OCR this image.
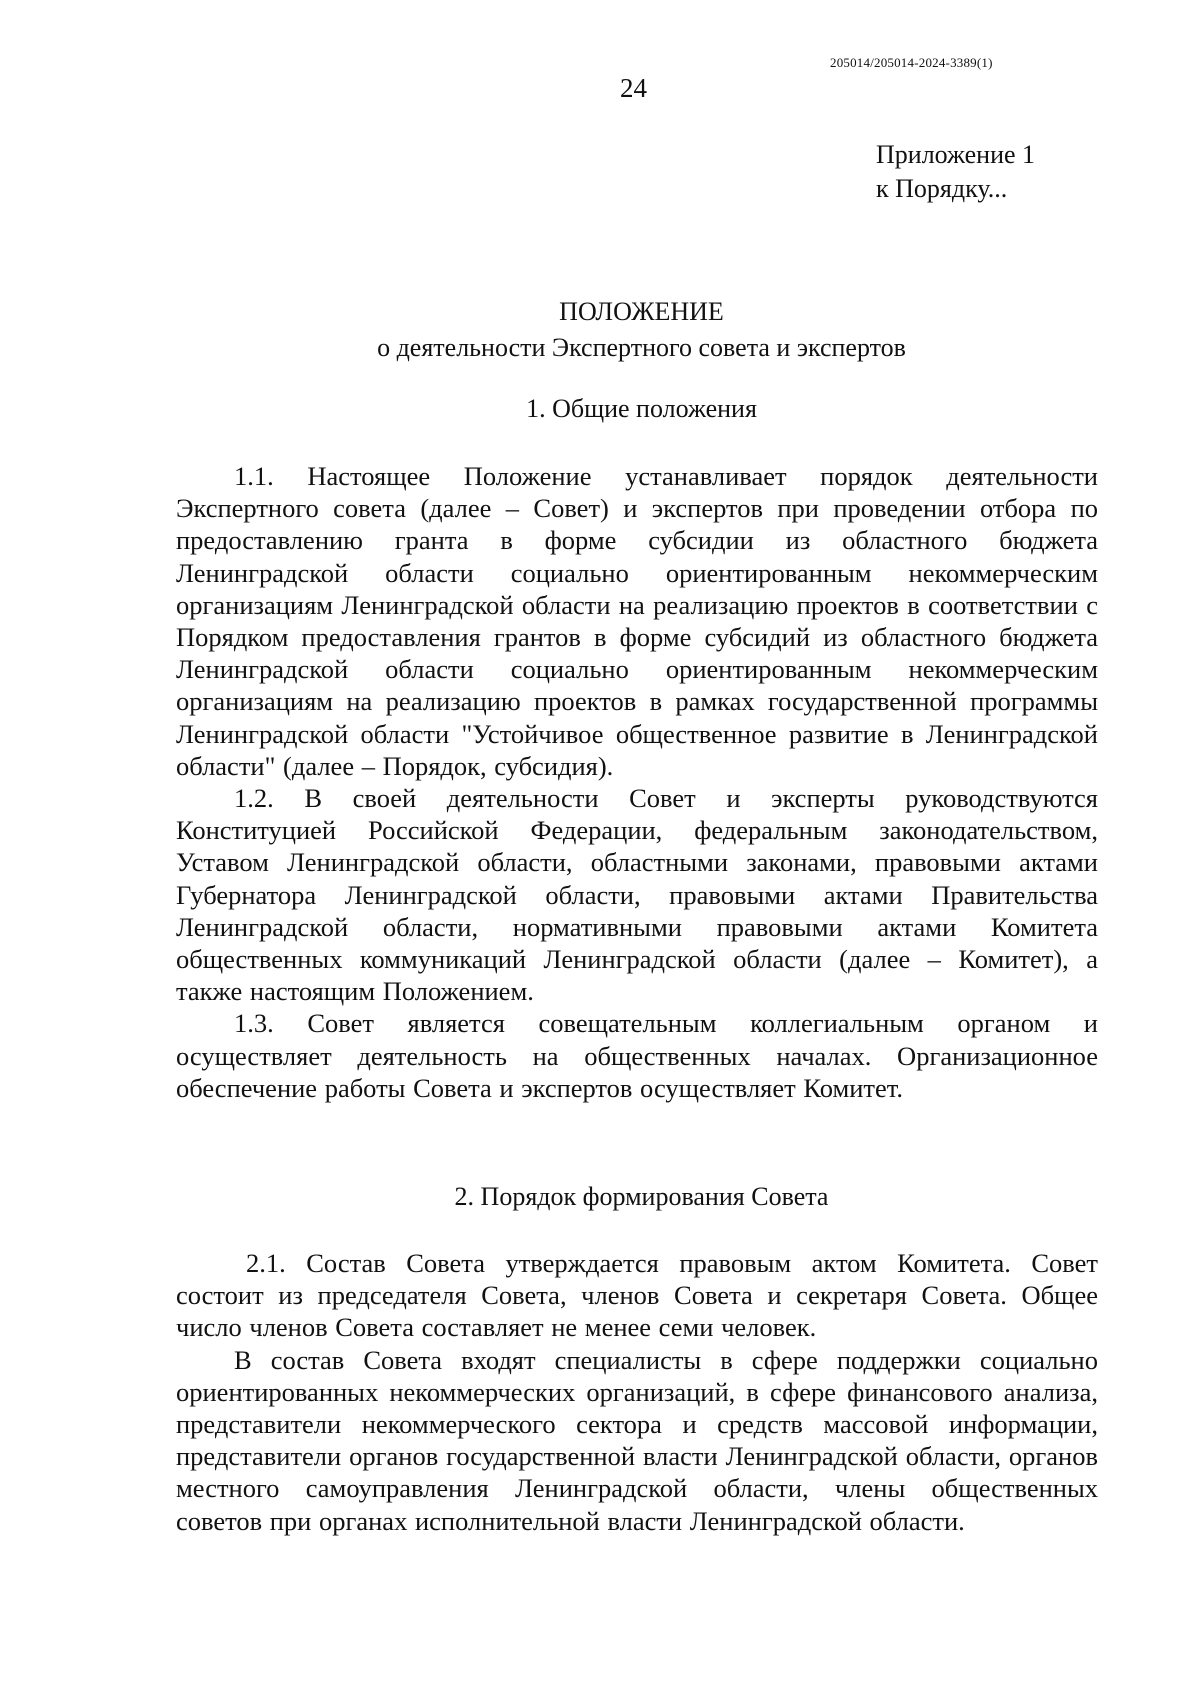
205014/205014-2024-3389(1)
24
Приложение 1
к Порядку...
ПОЛОЖЕНИЕ
о деятельности Экспертного совета и экспертов
1. Общие положения

1.1. Настоящее Положение устанавливает порядок деятельности Экспертного совета (далее – Совет) и экспертов при проведении отбора по предоставлению гранта в форме субсидии из областного бюджета Ленинградской области социально ориентированным некоммерческим организациям Ленинградской области на реализацию проектов в соответствии с Порядком предоставления грантов в форме субсидий из областного бюджета Ленинградской области социально ориентированным некоммерческим организациям на реализацию проектов в рамках государственной программы Ленинградской области "Устойчивое общественное развитие в Ленинградской области" (далее – Порядок, субсидия).

1.2. В своей деятельности Совет и эксперты руководствуются Конституцией Российской Федерации, федеральным законодательством, Уставом Ленинградской области, областными законами, правовыми актами Губернатора Ленинградской области, правовыми актами Правительства Ленинградской области, нормативными правовыми актами Комитета общественных коммуникаций Ленинградской области (далее – Комитет), а также настоящим Положением.

1.3. Совет является совещательным коллегиальным органом и осуществляет деятельность на общественных началах. Организационное обеспечение работы Совета и экспертов осуществляет Комитет.

2. Порядок формирования Совета

2.1. Состав Совета утверждается правовым актом Комитета. Совет состоит из председателя Совета, членов Совета и секретаря Совета. Общее число членов Совета составляет не менее семи человек.

В состав Совета входят специалисты в сфере поддержки социально ориентированных некоммерческих организаций, в сфере финансового анализа, представители некоммерческого сектора и средств массовой информации, представители органов государственной власти Ленинградской области, органов местного самоуправления Ленинградской области, члены общественных советов при органах исполнительной власти Ленинградской области.
